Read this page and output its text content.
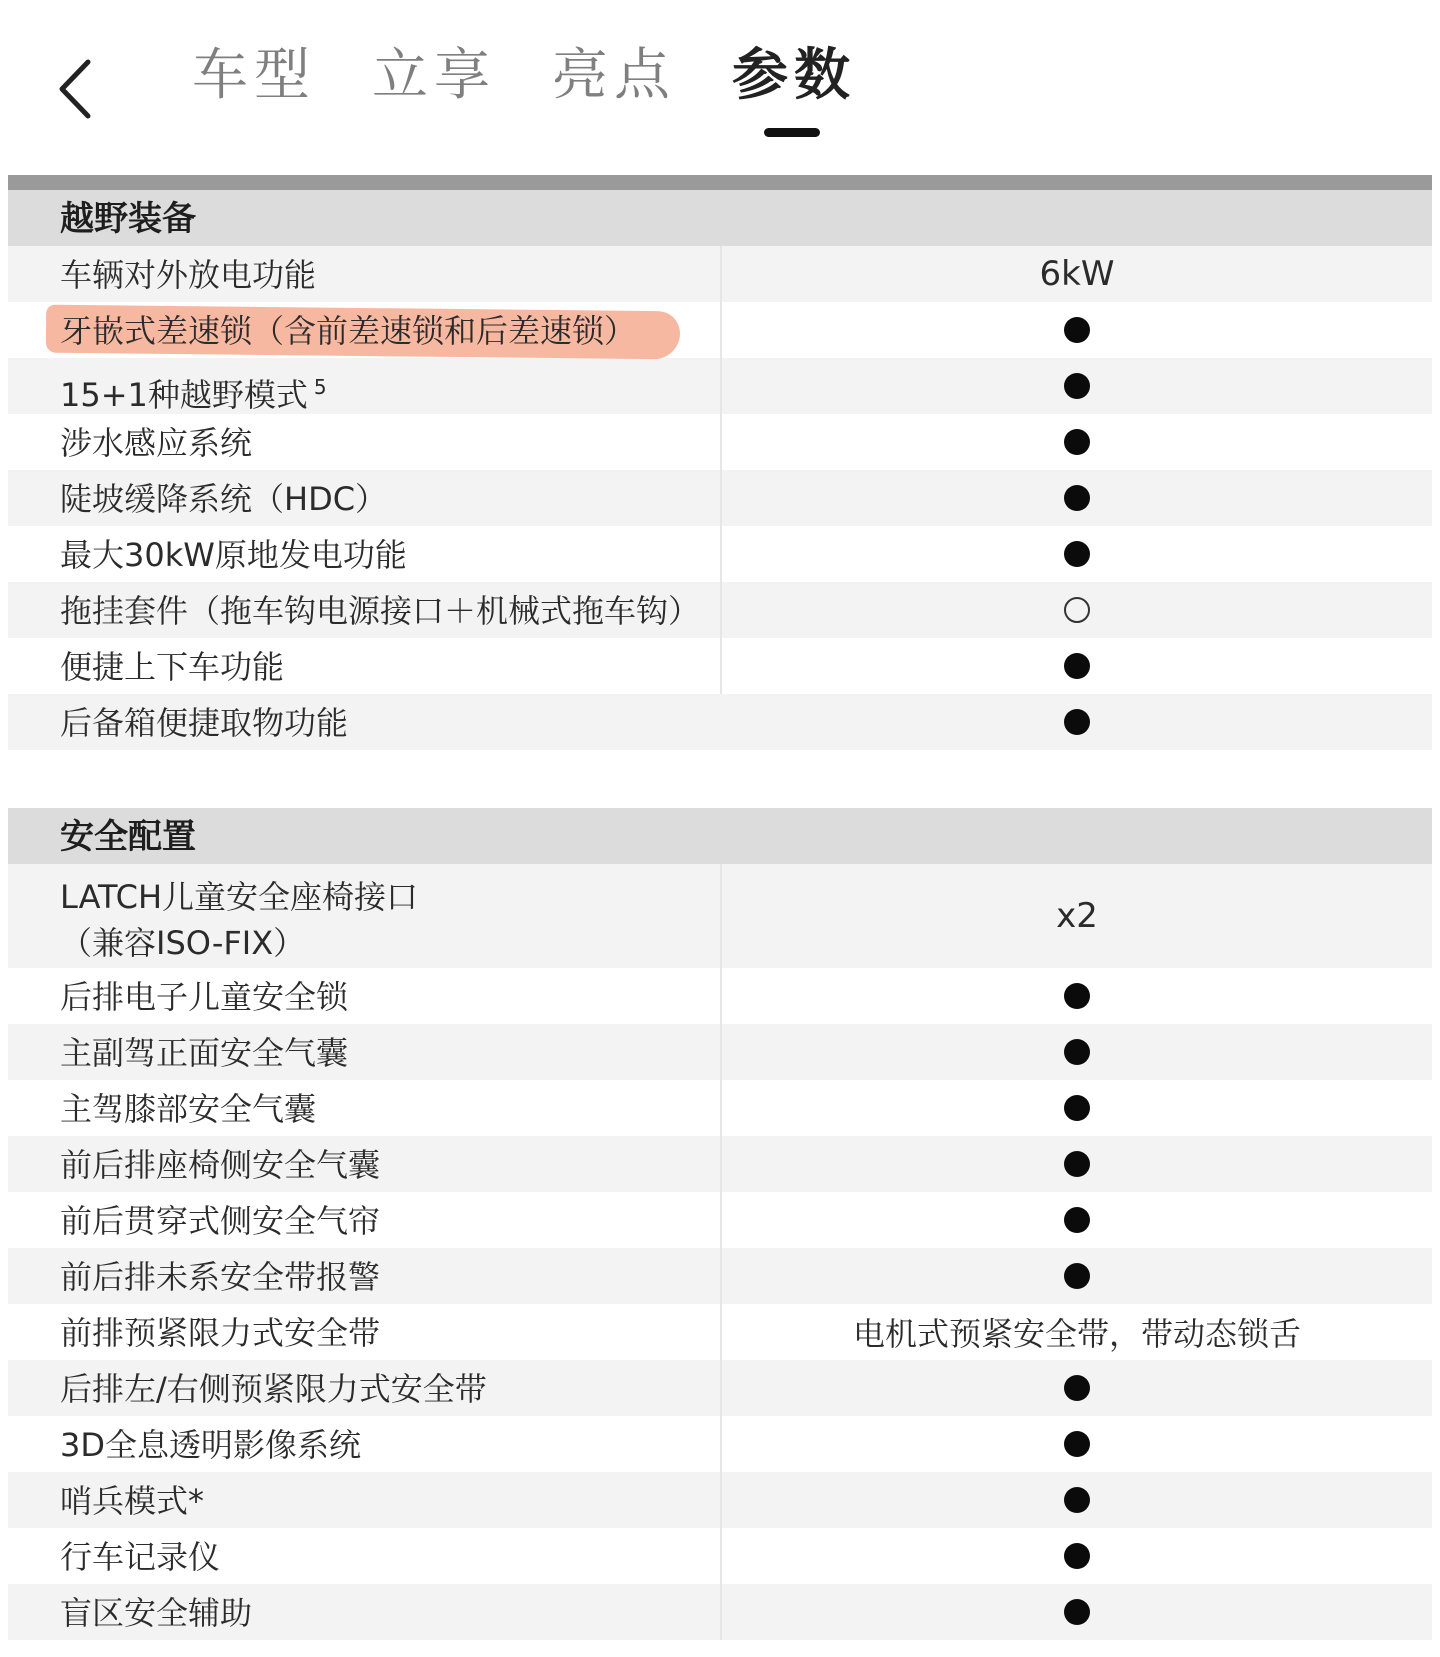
车型 立享 亮点 参数
越野装备
车辆对外放电功能	6kW
牙嵌式差速锁（含前差速锁和后差速锁）
15+1种越野模式 $^5$
涉水感应系统
陡坡缓降系统（HDC）
最大30kW原地发电功能
拖挂套件（拖车钩电源接口＋机械式拖车钩）
便捷上下车功能
后备箱便捷取物功能
安全配置
LATCH儿童安全座椅接口
（兼容ISO-FIX）
x2
后排电子儿童安全锁
主副驾正面安全气囊
主驾膝部安全气囊
前后排座椅侧安全气囊
前后贯穿式侧安全气帘
前后排未系安全带报警
前排预紧限力式安全带	电机式预紧安全带，带动态锁舌
后排左/右侧预紧限力式安全带
3D全息透明影像系统
哨兵模式*
行车记录仪
盲区安全辅助
